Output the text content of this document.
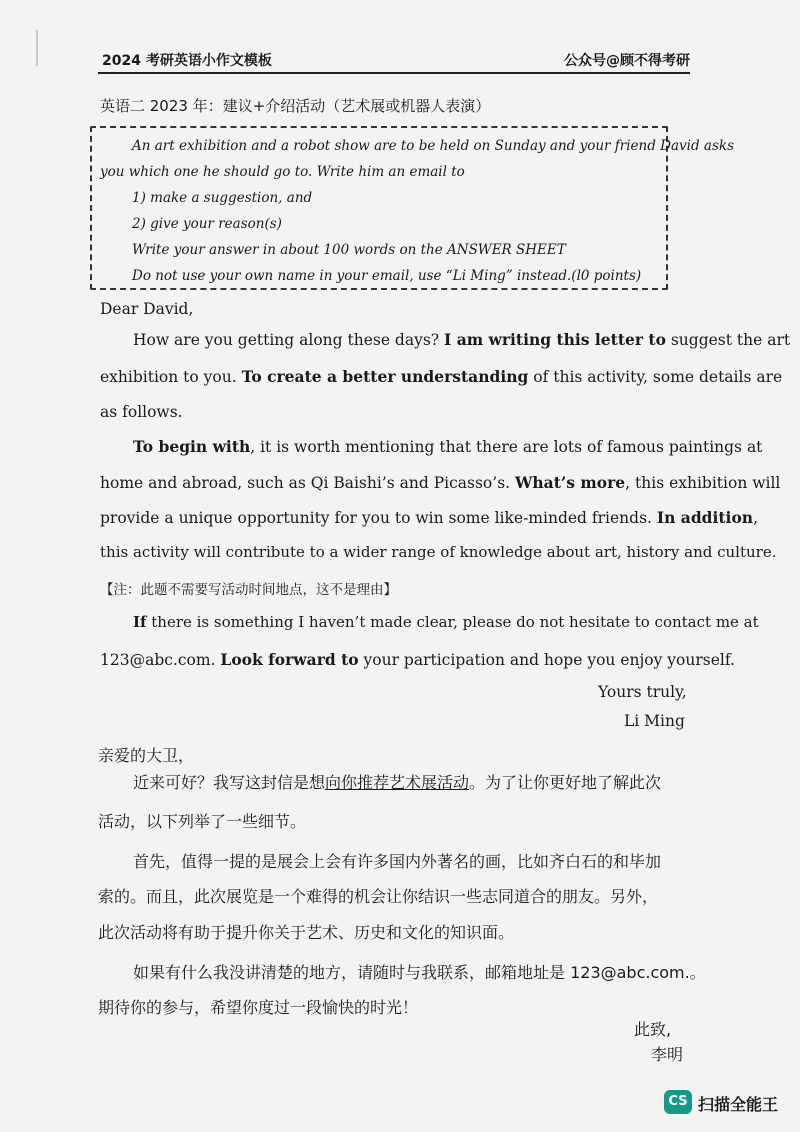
2024 考研英语小作文模板	公众号@顾不得考研
英语二 2023 年：建议+介绍活动（艺术展或机器人表演）
An art exhibition and a robot show are to be held on Sunday and your friend David asks
you which one he should go to. Write him an email to
1) make a suggestion, and
2) give your reason(s)
Write your answer in about 100 words on the ANSWER SHEET
Do not use your own name in your email, use “Li Ming” instead.(l0 points)
Dear David,
How are you getting along these days? I am writing this letter to suggest the art
exhibition to you. To create a better understanding of this activity, some details are
as follows.
To begin with, it is worth mentioning that there are lots of famous paintings at
home and abroad, such as Qi Baishi’s and Picasso’s. What’s more, this exhibition will
provide a unique opportunity for you to win some like-minded friends. In addition,
this activity will contribute to a wider range of knowledge about art, history and culture.
【注：此题不需要写活动时间地点，这不是理由】
If there is something I haven’t made clear, please do not hesitate to contact me at
123@abc.com. Look forward to your participation and hope you enjoy yourself.
Yours truly,
Li Ming
亲爱的大卫，
近来可好？我写这封信是想向你推荐艺术展活动。为了让你更好地了解此次
活动，以下列举了一些细节。
首先，值得一提的是展会上会有许多国内外著名的画，比如齐白石的和毕加
索的。而且，此次展览是一个难得的机会让你结识一些志同道合的朋友。另外，
此次活动将有助于提升你关于艺术、历史和文化的知识面。
如果有什么我没讲清楚的地方，请随时与我联系，邮箱地址是 123@abc.com.。
期待你的参与，希望你度过一段愉快的时光！
此致,
李明
CS 扫描全能王
